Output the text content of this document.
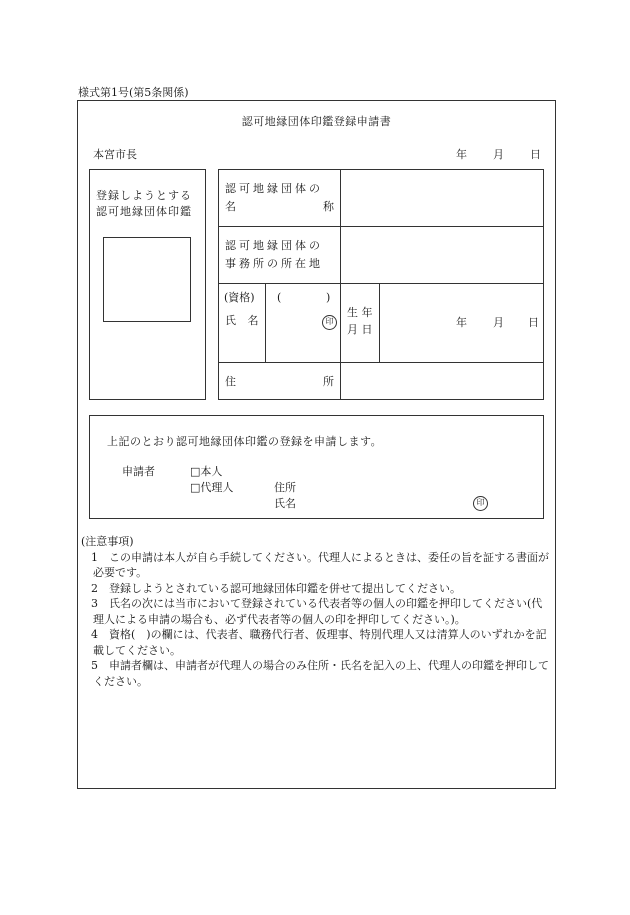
様式第1号(第5条関係)
認可地縁団体印鑑登録申請書
本宮市長	年 月 日
登録しようとする
認可地縁団体印鑑
認可地縁団体の
名	称
認可地縁団体の
事務所の所在地
(資格) (	)
氏 名	印
生 年
月 日
年 月 日
住	所
上記のとおり認可地縁団体印鑑の登録を申請します。
申請者	□本人
□代理人	住所
氏名	印
(注意事項)
1　この申請は本人が自ら手続してください。代理人によるときは、委任の旨を証する書面が必要です。
2　登録しようとされている認可地縁団体印鑑を併せて提出してください。
3　氏名の次には当市において登録されている代表者等の個人の印鑑を押印してください(代理人による申請の場合も、必ず代表者等の個人の印を押印してください。)。
4　資格(　)の欄には、代表者、職務代行者、仮理事、特別代理人又は清算人のいずれかを記載してください。
5　申請者欄は、申請者が代理人の場合のみ住所・氏名を記入の上、代理人の印鑑を押印してください。
